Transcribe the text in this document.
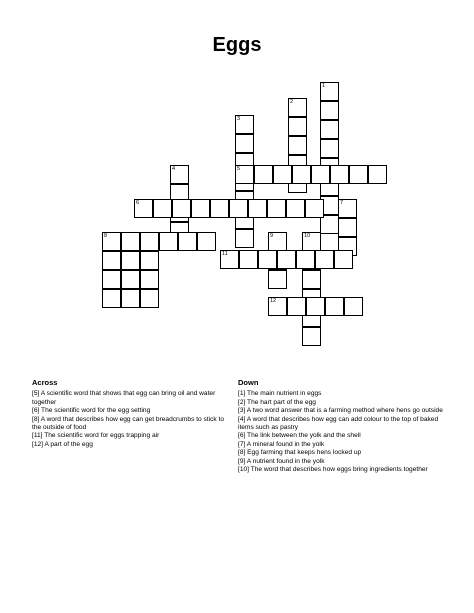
Eggs
1
2
3
5
4
6	7
8	9	10
11
12
Across

[5] A scientific word that shows that egg can bring oil and water together

[6] The scientific word for the egg setting

[8] A word that describes how egg can get breadcrumbs to stick to the outside of food

[11] The scientific word for eggs trapping air

[12] A part of the egg

Down

[1] The main nutrient in eggs

[2] The hart part of the egg

[3] A two word answer that is a farming method where hens go outside

[4] A word that describes how egg can add colour to the top of baked items such as pastry

[6] The link between the yolk and the shell

[7] A mineral found in the yolk

[8] Egg farming that keeps hens locked up

[9] A nutrient found in the yolk

[10] The word that describes how eggs bring ingredients together
